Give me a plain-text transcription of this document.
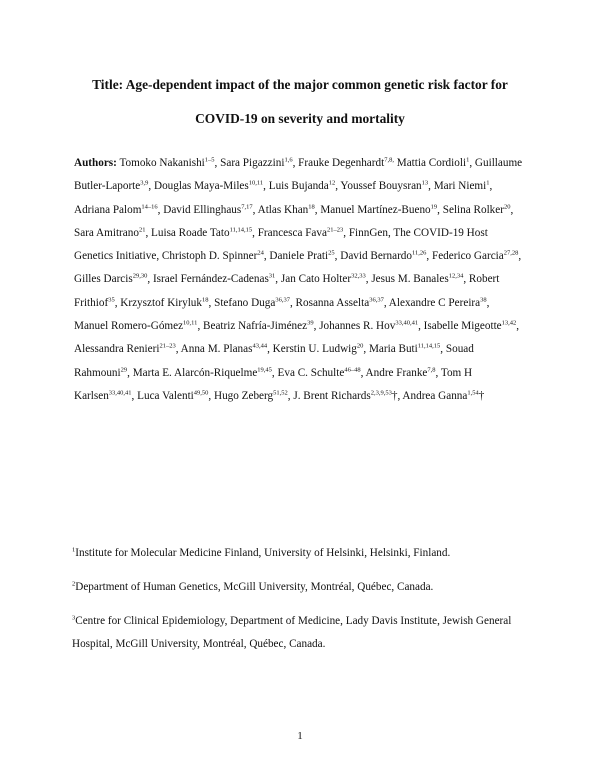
Title: Age-dependent impact of the major common genetic risk factor for
COVID-19 on severity and mortality
Authors: Tomoko Nakanishi$^{1-5}$, Sara Pigazzini$^{1,6}$, Frauke Degenhardt$^{7,8,}$ Mattia Cordioli$^1$, Guillaume Butler-Laporte$^{3,9}$, Douglas Maya-Miles$^{10,11}$, Luis Bujanda$^{12}$, Youssef Bouysran$^{13}$, Mari Niemi$^1$, Adriana Palom$^{14-16}$, David Ellinghaus$^{7,17}$, Atlas Khan$^{18}$, Manuel Martínez-Bueno$^{19}$, Selina Rolker$^{20}$, Sara Amitrano$^{21}$, Luisa Roade Tato$^{11,14,15}$, Francesca Fava$^{21-23}$, FinnGen, The COVID-19 Host Genetics Initiative, Christoph D. Spinner$^{24}$, Daniele Prati$^{25}$, David Bernardo$^{11,26}$, Federico Garcia$^{27,28}$, Gilles Darcis$^{29,30}$, Israel Fernández-Cadenas$^{31}$, Jan Cato Holter$^{32,33}$, Jesus M. Banales$^{12,34}$, Robert Frithiof$^{35}$, Krzysztof Kiryluk$^{18}$, Stefano Duga$^{36,37}$, Rosanna Asselta$^{36,37}$, Alexandre C Pereira$^{38}$, Manuel Romero-Gómez$^{10,11}$, Beatriz Nafría-Jiménez$^{39}$, Johannes R. Hov$^{33,40,41}$, Isabelle Migeotte$^{13,42}$, Alessandra Renieri$^{21-23}$, Anna M. Planas$^{43,44}$, Kerstin U. Ludwig$^{20}$, Maria Buti$^{11,14,15}$, Souad Rahmouni$^{29}$, Marta E. Alarcón-Riquelme$^{19,45}$, Eva C. Schulte$^{46-48}$, Andre Franke$^{7,8}$, Tom H Karlsen$^{33,40,41}$, Luca Valenti$^{49,50}$, Hugo Zeberg$^{51,52}$, J. Brent Richards$^{2,3,9,53}$†, Andrea Ganna$^{1,54}$†
$^1$Institute for Molecular Medicine Finland, University of Helsinki, Helsinki, Finland.
$^2$Department of Human Genetics, McGill University, Montréal, Québec, Canada.
$^3$Centre for Clinical Epidemiology, Department of Medicine, Lady Davis Institute, Jewish General Hospital, McGill University, Montréal, Québec, Canada.
1
